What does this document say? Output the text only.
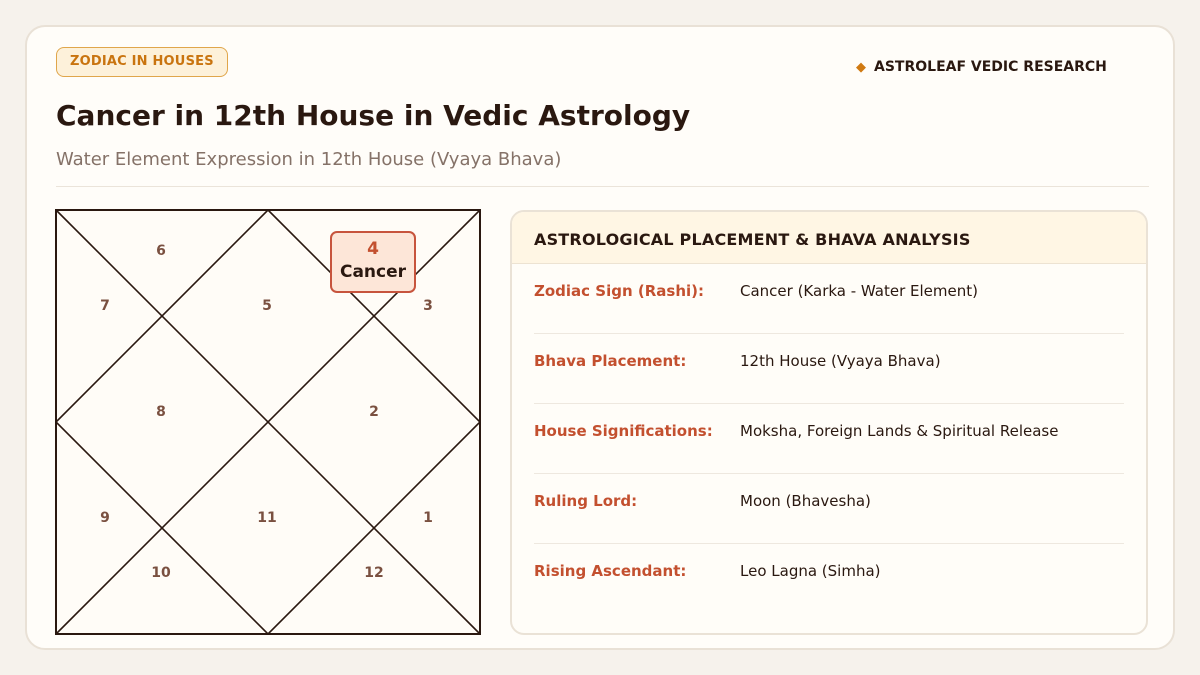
ZODIAC IN HOUSES	◆ ASTROLEAF VEDIC RESEARCH
Cancer in 12th House in Vedic Astrology

Water Element Expression in 12th House (Vyaya Bhava)

1
2
3
5
6
7
8
9
10
11
12
4
Cancer
ASTROLOGICAL PLACEMENT & BHAVA ANALYSIS
Zodiac Sign (Rashi): Cancer (Karka - Water Element)
Bhava Placement:	12th House (Vyaya Bhava)
House Significations: Moksha, Foreign Lands & Spiritual Release
Ruling Lord:	Moon (Bhavesha)
Rising Ascendant:	Leo Lagna (Simha)
